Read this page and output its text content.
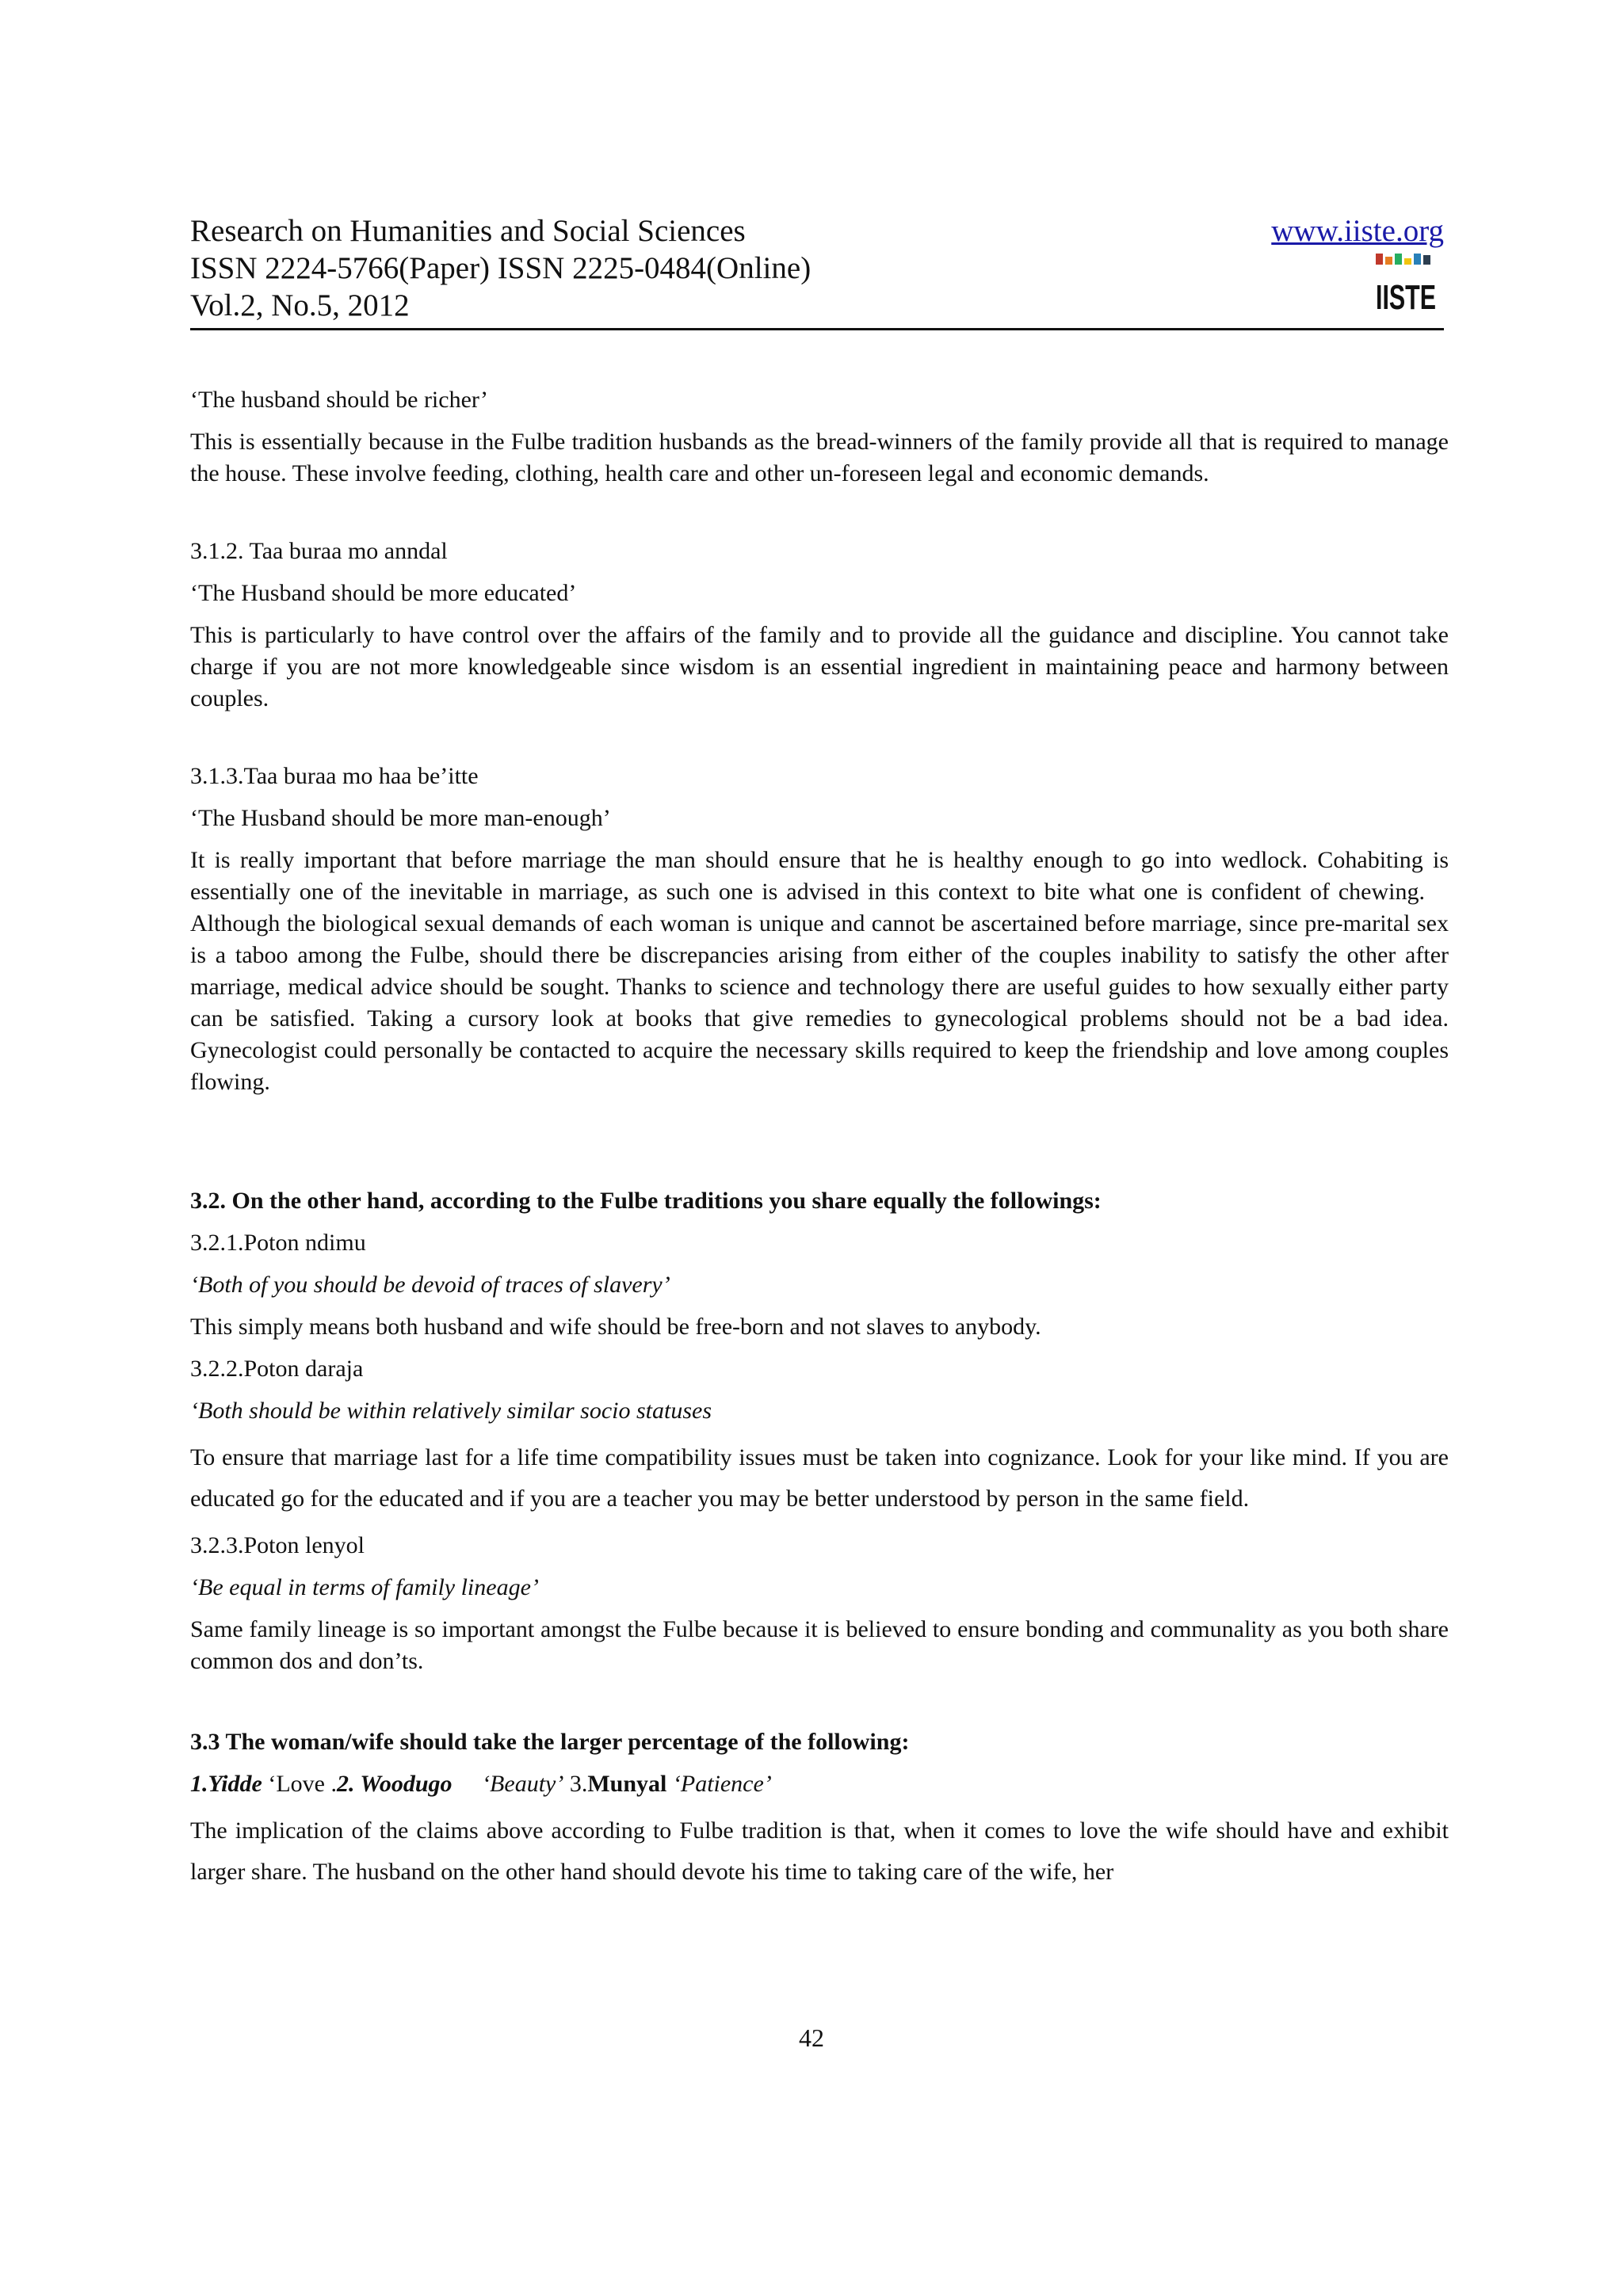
Research on Humanities and Social Sciences
ISSN 2224-5766(Paper) ISSN 2225-0484(Online)
Vol.2, No.5, 2012
www.iiste.org
IISTE

‘The husband should be richer’

This is essentially because in the Fulbe tradition husbands as the bread-winners of the family provide all that is required to manage the house. These involve feeding, clothing, health care and other un-foreseen legal and economic demands.

3.1.2. Taa buraa mo anndal

‘The Husband should be more educated’

This is particularly to have control over the affairs of the family and to provide all the guidance and discipline. You cannot take charge if you are not more knowledgeable since wisdom is an essential ingredient in maintaining peace and harmony between couples.

3.1.3.Taa buraa mo haa be’itte

‘The Husband should be more man-enough’

It is really important that before marriage the man should ensure that he is healthy enough to go into wedlock. Cohabiting is essentially one of the inevitable in marriage, as such one is advised in this context to bite what one is confident of chewing.  Although the biological sexual demands of each woman is unique and cannot be ascertained before marriage, since pre-marital sex is a taboo among the Fulbe, should there be discrepancies arising from either of the couples inability to satisfy the other after marriage, medical advice should be sought. Thanks to science and technology there are useful guides to how sexually either party can be satisfied. Taking a cursory look at books that give remedies to gynecological problems should not be a bad idea. Gynecologist could personally be contacted to acquire the necessary skills required to keep the friendship and love among couples flowing.

3.2. On the other hand, according to the Fulbe traditions you share equally the followings:

3.2.1.Poton ndimu

‘Both of you should be devoid of traces of slavery’

This simply means both husband and wife should be free-born and not slaves to anybody.

3.2.2.Poton daraja

‘Both should be within relatively similar socio statuses

To ensure that marriage last for a life time compatibility issues must be taken into cognizance. Look for your like mind. If you are educated go for the educated and if you are a teacher you may be better understood by person in the same field.

3.2.3.Poton lenyol

‘Be equal in terms of family lineage’

Same family lineage is so important amongst the Fulbe because it is believed to ensure bonding and communality as you both share common dos and don’ts.

3.3 The woman/wife should take the larger percentage of the following:

1.Yidde ‘Love .2. Woodugo  ‘Beauty’ 3.Munyal ‘Patience’

The implication of the claims above according to Fulbe tradition is that, when it comes to love the wife should have and exhibit larger share. The husband on the other hand should devote his time to taking care of the wife, her

42
